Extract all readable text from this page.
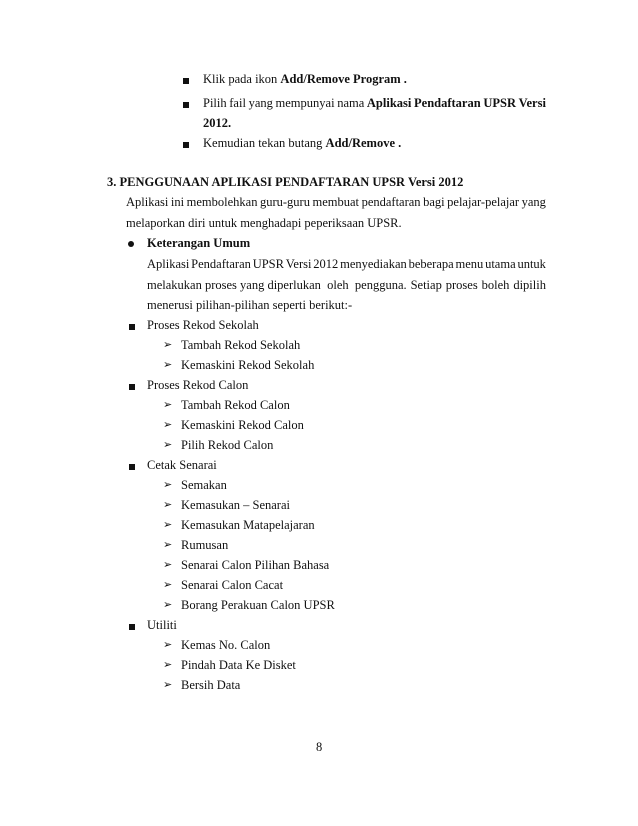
Klik pada ikon Add/Remove Program .
Pilih fail yang mempunyai nama Aplikasi Pendaftaran UPSR Versi
2012.
Kemudian tekan butang Add/Remove .
3. PENGGUNAAN APLIKASI PENDAFTARAN UPSR Versi 2012
Aplikasi ini membolehkan guru-guru membuat pendaftaran bagi pelajar-pelajar yang
melaporkan diri untuk menghadapi peperiksaan UPSR.
Keterangan Umum
Aplikasi Pendaftaran UPSR Versi 2012 menyediakan beberapa menu utama untuk
melakukan proses yang diperlukan  oleh  pengguna. Setiap proses boleh dipilih
menerusi pilihan-pilihan seperti berikut:-
Proses Rekod Sekolah
➢ Tambah Rekod Sekolah
➢ Kemaskini Rekod Sekolah
Proses Rekod Calon
➢ Tambah Rekod Calon
➢ Kemaskini Rekod Calon
➢ Pilih Rekod Calon
Cetak Senarai
➢ Semakan
➢ Kemasukan – Senarai
➢ Kemasukan Matapelajaran
➢ Rumusan
➢ Senarai Calon Pilihan Bahasa
➢ Senarai Calon Cacat
➢ Borang Perakuan Calon UPSR
Utiliti
➢ Kemas No. Calon
➢ Pindah Data Ke Disket
➢ Bersih Data
8
